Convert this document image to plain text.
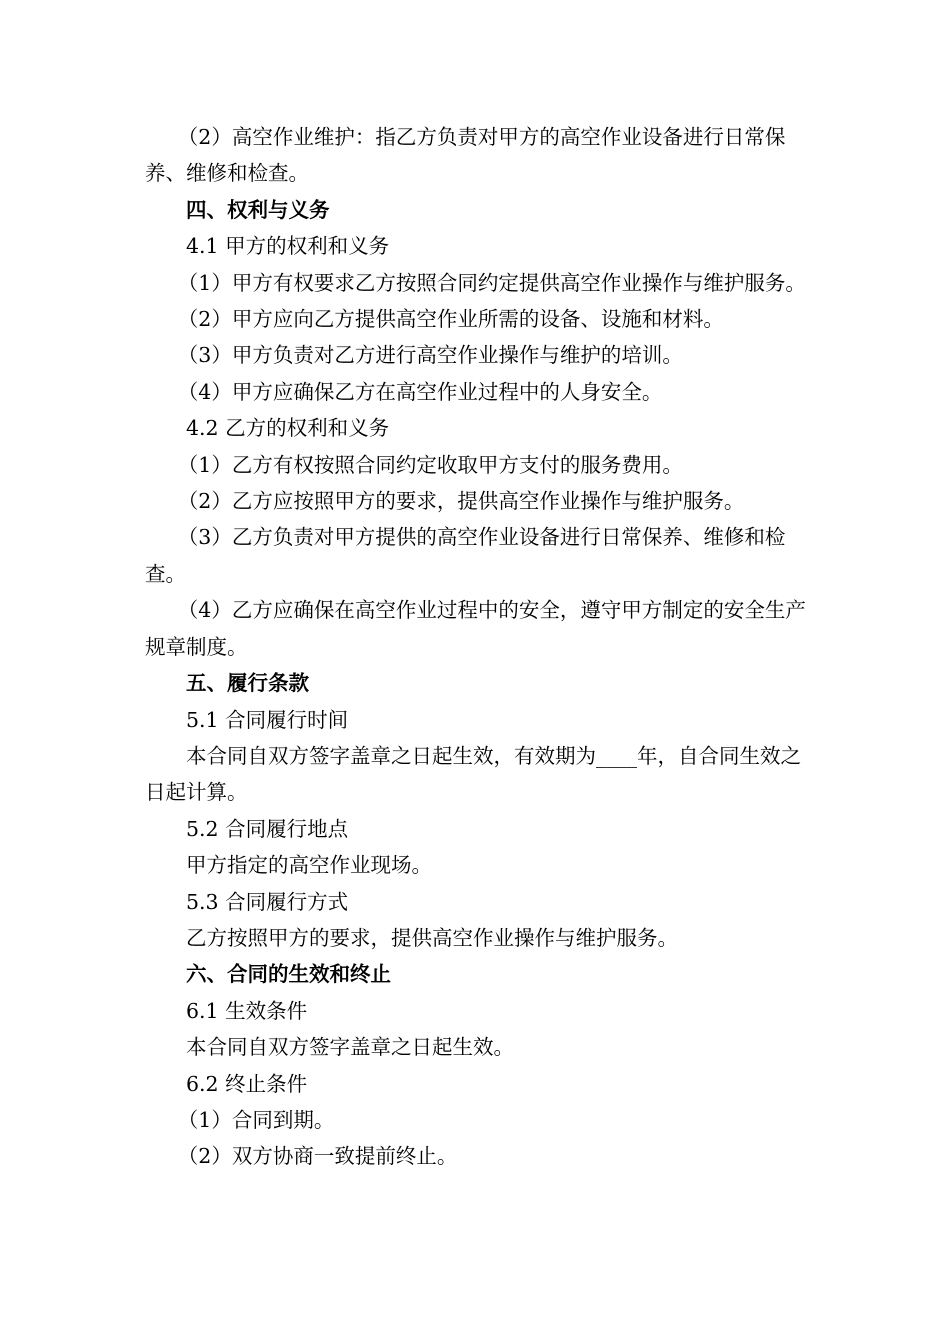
（2）高空作业维护：指乙方负责对甲方的高空作业设备进行日常保养、维修和检查。

四、权利与义务

4.1 甲方的权利和义务

（1）甲方有权要求乙方按照合同约定提供高空作业操作与维护服务。

（2）甲方应向乙方提供高空作业所需的设备、设施和材料。

（3）甲方负责对乙方进行高空作业操作与维护的培训。

（4）甲方应确保乙方在高空作业过程中的人身安全。

4.2 乙方的权利和义务

（1）乙方有权按照合同约定收取甲方支付的服务费用。

（2）乙方应按照甲方的要求，提供高空作业操作与维护服务。

（3）乙方负责对甲方提供的高空作业设备进行日常保养、维修和检查。

（4）乙方应确保在高空作业过程中的安全，遵守甲方制定的安全生产规章制度。

五、履行条款

5.1 合同履行时间

本合同自双方签字盖章之日起生效，有效期为____年，自合同生效之日起计算。

5.2 合同履行地点

甲方指定的高空作业现场。

5.3 合同履行方式

乙方按照甲方的要求，提供高空作业操作与维护服务。

六、合同的生效和终止

6.1 生效条件

本合同自双方签字盖章之日起生效。

6.2 终止条件

（1）合同到期。

（2）双方协商一致提前终止。
